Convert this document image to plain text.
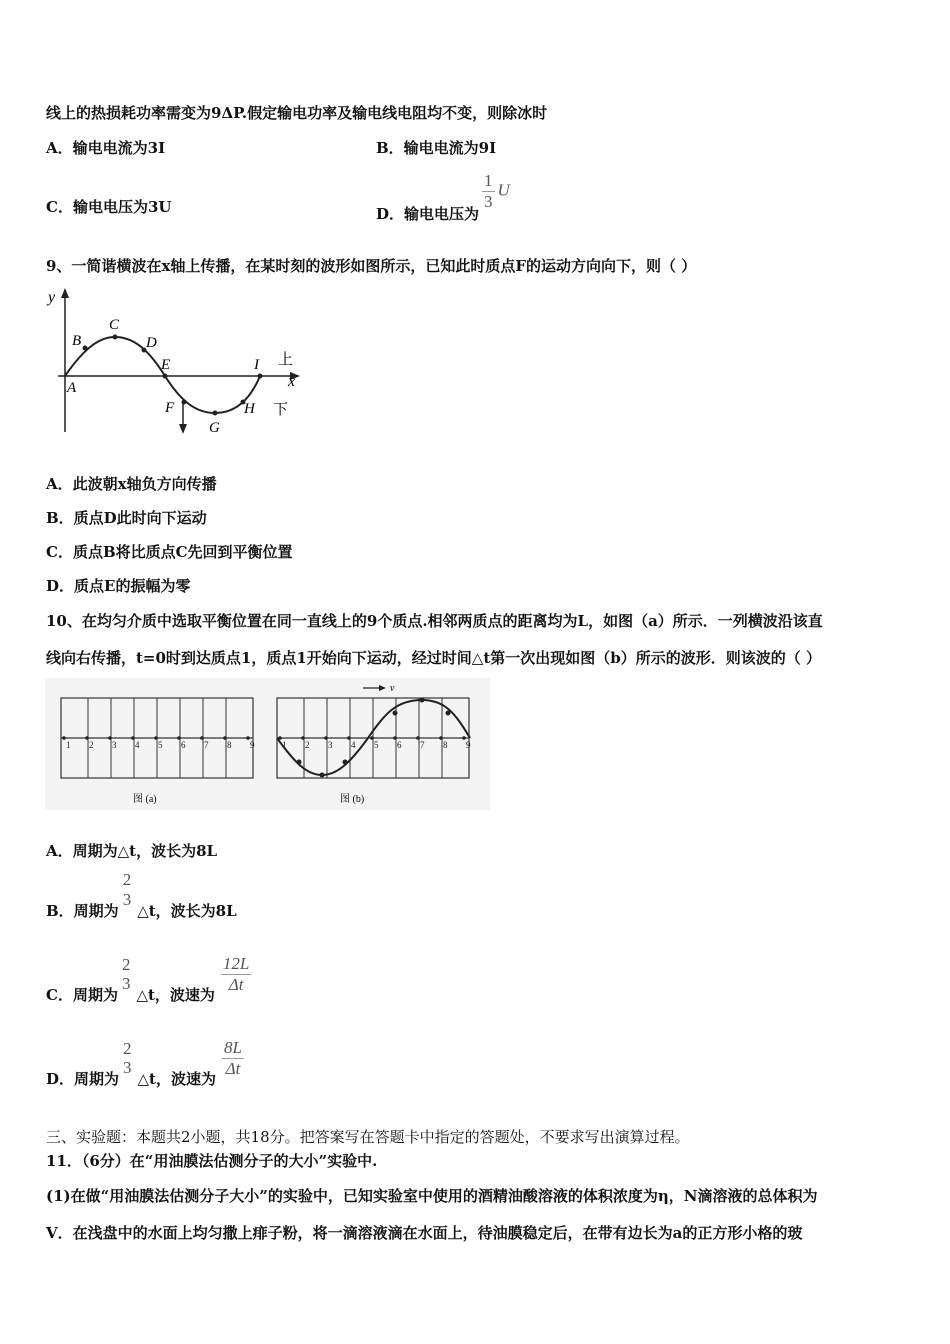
线上的热损耗功率需变为9ΔP.假定输电功率及输电线电阻均不变，则除冰时
A．输电电流为3I	B．输电电流为9I
C．输电电压为3U	D．输电电压为
$\frac{1}{3}$ U
9、一简谐横波在x轴上传播，在某时刻的波形如图所示，已知此时质点F的运动方向向下，则（ ）
y
x
A
B
C
D
E
F
G
H
I 上
下
A．此波朝x轴负方向传播
B．质点D此时向下运动
C．质点B将比质点C先回到平衡位置
D．质点E的振幅为零
10、在均匀介质中选取平衡位置在同一直线上的9个质点.相邻两质点的距离均为L，如图（a）所示．一列横波沿该直
线向右传播，t=0时到达质点1，质点1开始向下运动，经过时间△t第一次出现如图（b）所示的波形．则该波的（ ）
1 2 3 4 5 6 7 8 9	1 2 3 4 5 6 7 8 9
v
图 (a)	图 (b)
A．周期为△t，波长为8L
B．周期为
2
3
△t，波长为8L
C．周期为
2
3
△t，波速为
$\frac{12L}{\Delta t}$
D．周期为
2
3
△t，波速为
$\frac{8L}{\Delta t}$
三、实验题：本题共2小题，共18分。把答案写在答题卡中指定的答题处，不要求写出演算过程。
11．（6分）在“用油膜法估测分子的大小”实验中.
(1)在做“用油膜法估测分子大小”的实验中，已知实验室中使用的酒精油酸溶液的体积浓度为η，N滴溶液的总体积为
V．在浅盘中的水面上均匀撒上痱子粉，将一滴溶液滴在水面上，待油膜稳定后，在带有边长为a的正方形小格的玻
